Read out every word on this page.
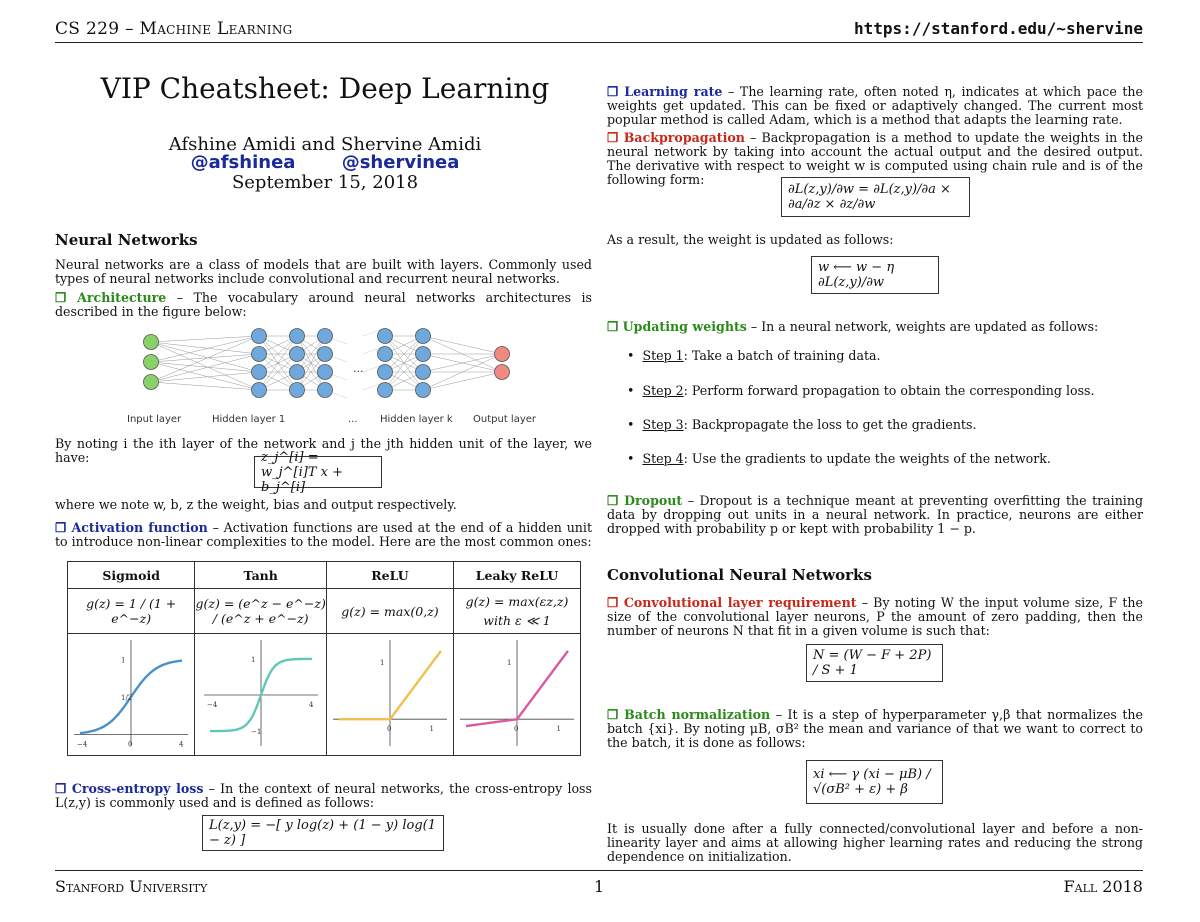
CS 229 – Machine Learning	https://stanford.edu/~shervine
VIP Cheatsheet: Deep Learning
Afshine Amidi and Shervine Amidi
@afshinea	@shervinea
September 15, 2018
Neural Networks
Neural networks are a class of models that are built with layers. Commonly used types of neural networks include convolutional and recurrent neural networks.
❒ Architecture – The vocabulary around neural networks architectures is described in the figure below:
...
Input layer	Hidden layer 1	... Hidden layer k Output layer
By noting i the ith layer of the network and j the jth hidden unit of the layer, we have:	z_j^[i] = w_j^[i]T x + b_j^[i]
where we note w, b, z the weight, bias and output respectively.
❒ Activation function – Activation functions are used at the end of a hidden unit to introduce non-linear complexities to the model. Here are the most common ones:
Sigmoid	Tanh	ReLU	Leaky ReLU
g(z) = 1 / (1 + e^−z)	g(z) = (e^z − e^−z) / (e^z + e^−z)	g(z) = max(0,z)	g(z) = max(εz,z)
with ε ≪ 1

−4 0 4
1
1/2	−4 4
1
−1	0 1
1	0 1
1
❒ Cross-entropy loss – In the context of neural networks, the cross-entropy loss L(z,y) is commonly used and is defined as follows:
L(z,y) = −[ y log(z) + (1 − y) log(1 − z) ]
❒ Learning rate – The learning rate, often noted η, indicates at which pace the weights get updated. This can be fixed or adaptively changed. The current most popular method is called Adam, which is a method that adapts the learning rate.
❒ Backpropagation – Backpropagation is a method to update the weights in the neural network by taking into account the actual output and the desired output. The derivative with respect to weight w is computed using chain rule and is of the following form:
∂L(z,y)/∂w = ∂L(z,y)/∂a × ∂a/∂z × ∂z/∂w
As a result, the weight is updated as follows:
w ⟵ w − η ∂L(z,y)/∂w
❒ Updating weights – In a neural network, weights are updated as follows:
•  Step 1: Take a batch of training data.
•  Step 2: Perform forward propagation to obtain the corresponding loss.
•  Step 3: Backpropagate the loss to get the gradients.
•  Step 4: Use the gradients to update the weights of the network.
❒ Dropout – Dropout is a technique meant at preventing overfitting the training data by dropping out units in a neural network. In practice, neurons are either dropped with probability p or kept with probability 1 − p.
Convolutional Neural Networks
❒ Convolutional layer requirement – By noting W the input volume size, F the size of the convolutional layer neurons, P the amount of zero padding, then the number of neurons N that fit in a given volume is such that:
N = (W − F + 2P) / S + 1
❒ Batch normalization – It is a step of hyperparameter γ,β that normalizes the batch {xi}. By noting μB, σB² the mean and variance of that we want to correct to the batch, it is done as follows:
xi ⟵ γ (xi − μB) / √(σB² + ε) + β
It is usually done after a fully connected/convolutional layer and before a non-linearity layer and aims at allowing higher learning rates and reducing the strong dependence on initialization.
Stanford University	1	Fall 2018
